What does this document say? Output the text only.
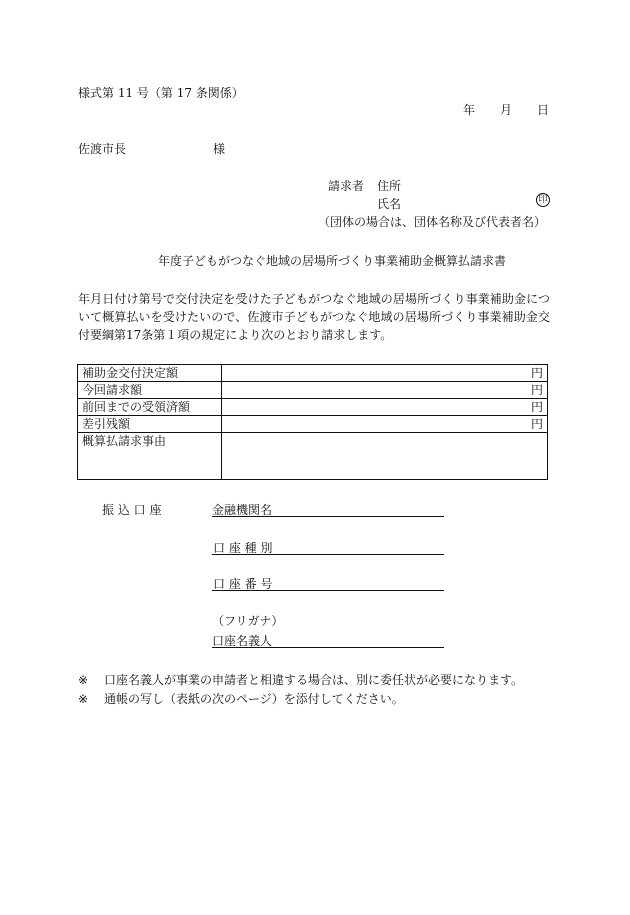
様式第 11 号（第 17 条関係）
年 月 日
佐渡市長	様
請求者 住所
氏名	印
（団体の場合は、団体名称及び代表者名）
年度子どもがつなぐ地域の居場所づくり事業補助金概算払請求書
年月日付け第号で交付決定を受けた子どもがつなぐ地域の居場所づくり事業補助金について概算払いを受けたいので、佐渡市子どもがつなぐ地域の居場所づくり事業補助金交付要綱第17条第１項の規定により次のとおり請求します。
補助金交付決定額	円
今回請求額	円
前回までの受領済額	円
差引残額	円
概算払請求事由	
振 込 口 座	金融機関名
口 座 種 別
口 座 番 号
（フリガナ）
口座名義人
※ 口座名義人が事業の申請者と相違する場合は、別に委任状が必要になります。
※ 通帳の写し（表紙の次のページ）を添付してください。
